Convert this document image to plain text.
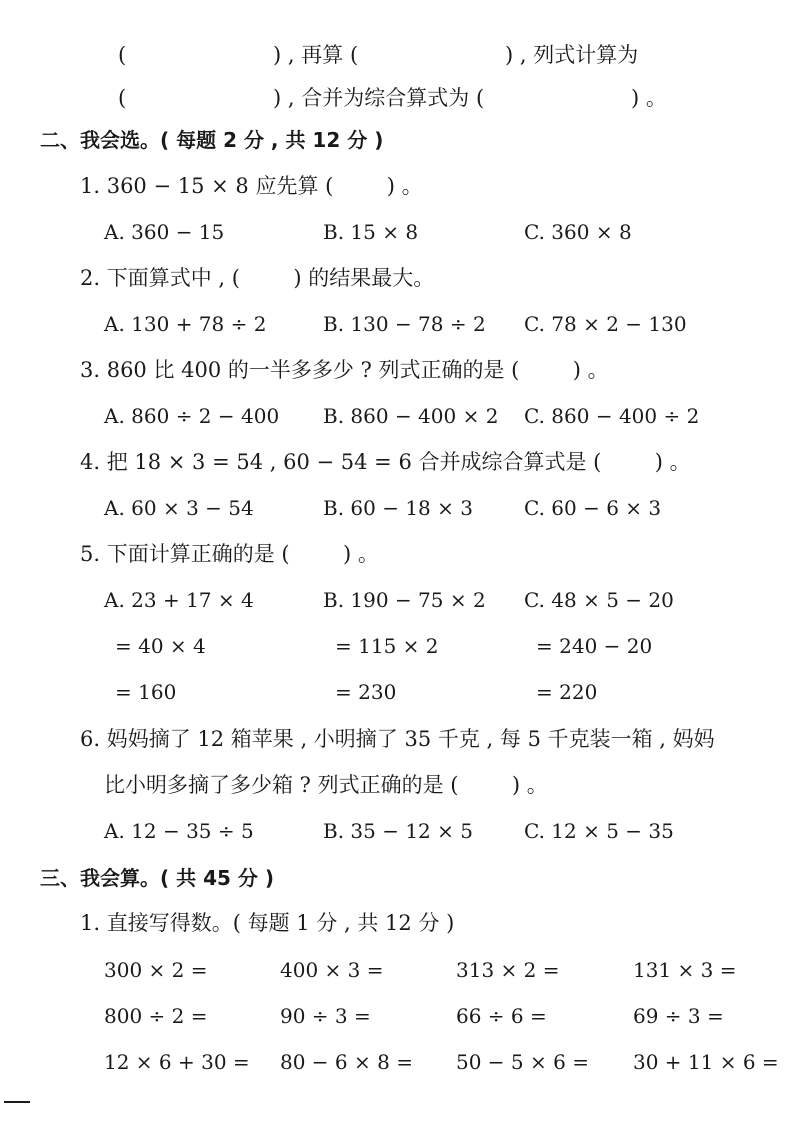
(                      ) , 再算 (                      ) , 列式计算为
(                      ) , 合并为综合算式为 (                      ) 。
二、我会选。( 每题 2 分 , 共 12 分 )
1. 360 − 15 × 8 应先算 (        ) 。
A. 360 − 15	B. 15 × 8	C. 360 × 8
2. 下面算式中 , (        ) 的结果最大。
A. 130 + 78 ÷ 2	B. 130 − 78 ÷ 2 C. 78 × 2 − 130
3. 860 比 400 的一半多多少 ? 列式正确的是 (        ) 。
A. 860 ÷ 2 − 400 B. 860 − 400 × 2 C. 860 − 400 ÷ 2
4. 把 18 × 3 = 54 , 60 − 54 = 6 合并成综合算式是 (        ) 。
A. 60 × 3 − 54	B. 60 − 18 × 3	C. 60 − 6 × 3
5. 下面计算正确的是 (        ) 。
A. 23 + 17 × 4	B. 190 − 75 × 2 C. 48 × 5 − 20
= 40 × 4	= 115 × 2	= 240 − 20
= 160	= 230	= 220
6. 妈妈摘了 12 箱苹果 , 小明摘了 35 千克 , 每 5 千克装一箱 , 妈妈
比小明多摘了多少箱 ? 列式正确的是 (        ) 。
A. 12 − 35 ÷ 5	B. 35 − 12 × 5	C. 12 × 5 − 35
三、我会算。( 共 45 分 )
1. 直接写得数。( 每题 1 分 , 共 12 分 )
300 × 2 =	400 × 3 =	313 × 2 =	131 × 3 =
800 ÷ 2 =	90 ÷ 3 =	66 ÷ 6 =	69 ÷ 3 =
12 × 6 + 30 = 80 − 6 × 8 = 50 − 5 × 6 = 30 + 11 × 6 =
